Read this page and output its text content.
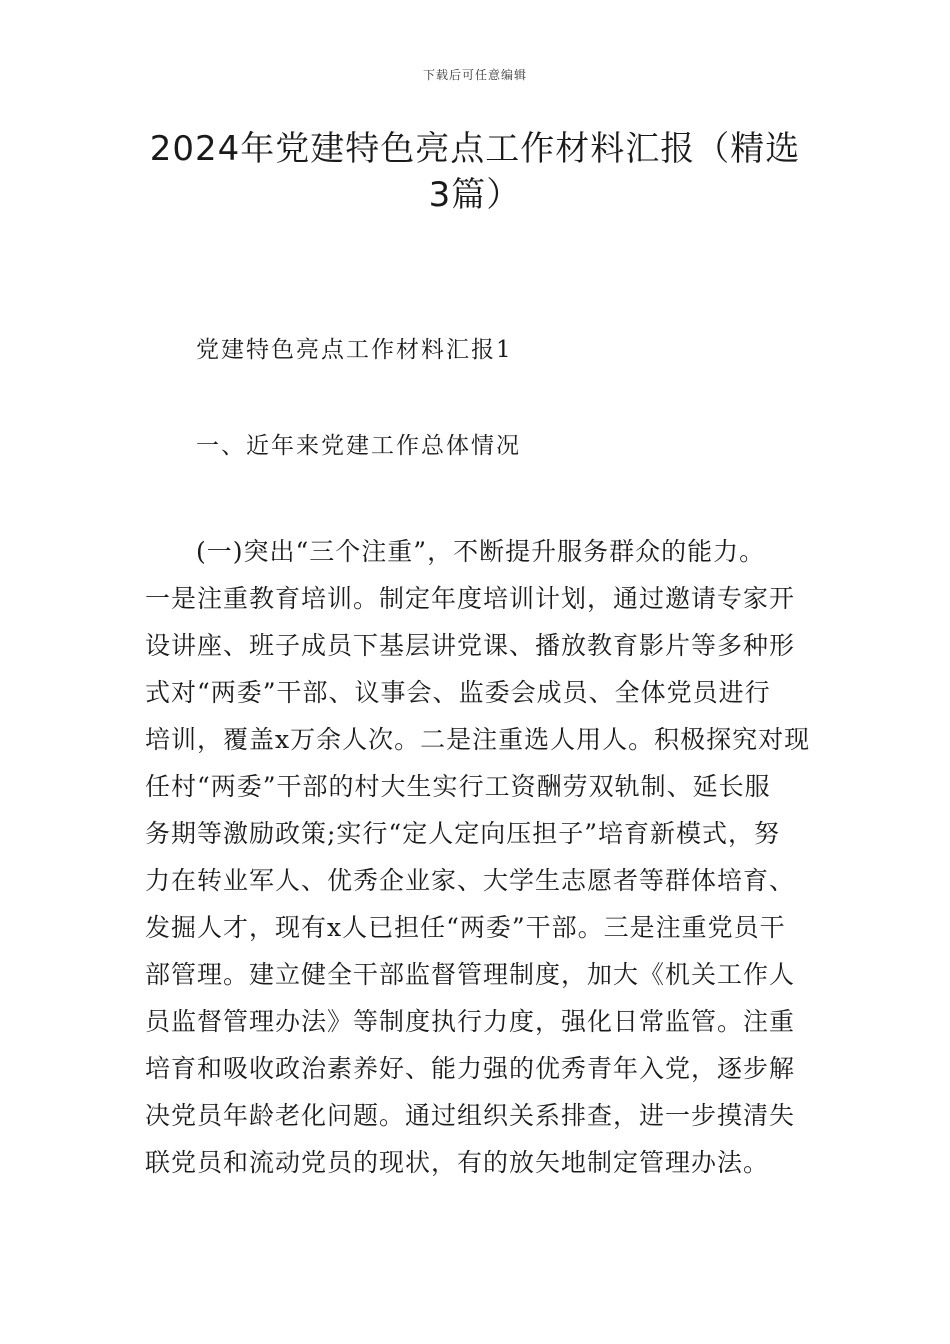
下载后可任意编辑
2024年党建特色亮点工作材料汇报（精选
3篇）
党建特色亮点工作材料汇报1
一、近年来党建工作总体情况
(一)突出“三个注重”，不断提升服务群众的能力。
一是注重教育培训。制定年度培训计划，通过邀请专家开
设讲座、班子成员下基层讲党课、播放教育影片等多种形
式对“两委”干部、议事会、监委会成员、全体党员进行
培训，覆盖x万余人次。二是注重选人用人。积极探究对现
任村“两委”干部的村大生实行工资酬劳双轨制、延长服
务期等激励政策;实行“定人定向压担子”培育新模式，努
力在转业军人、优秀企业家、大学生志愿者等群体培育、
发掘人才，现有x人已担任“两委”干部。三是注重党员干
部管理。建立健全干部监督管理制度，加大《机关工作人
员监督管理办法》等制度执行力度，强化日常监管。注重
培育和吸收政治素养好、能力强的优秀青年入党，逐步解
决党员年龄老化问题。通过组织关系排查，进一步摸清失
联党员和流动党员的现状，有的放矢地制定管理办法。
